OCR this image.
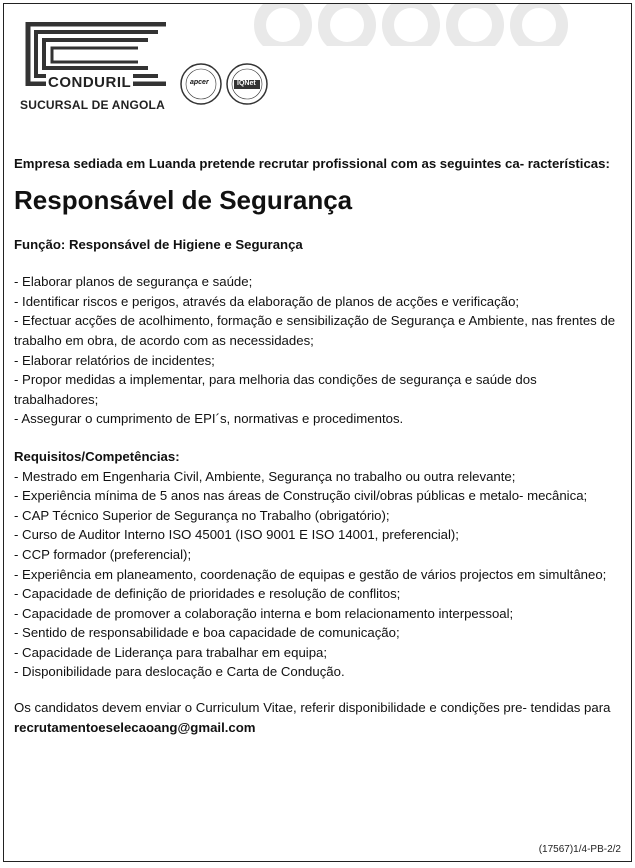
CONDURIL
SUCURSAL DE ANGOLA
apcer	IQNet

Empresa sediada em Luanda pretende recrutar profissional com as seguintes ca- racterísticas:

Responsável de Segurança

Função: Responsável de Higiene e Segurança

- Elaborar planos de segurança e saúde;
- Identificar riscos e perigos, através da elaboração de planos de acções e verificação;
- Efectuar acções de acolhimento, formação e sensibilização de Segurança e Ambiente, nas frentes de trabalho em obra, de acordo com as necessidades;
- Elaborar relatórios de incidentes;
- Propor medidas a implementar, para melhoria das condições de segurança e saúde dos trabalhadores;
- Assegurar o cumprimento de EPI´s, normativas e procedimentos.
Requisitos/Competências:
- Mestrado em Engenharia Civil, Ambiente, Segurança no trabalho ou outra relevante;
- Experiência mínima de 5 anos nas áreas de Construção civil/obras públicas e metalo- mecânica;
- CAP Técnico Superior de Segurança no Trabalho (obrigatório);
- Curso de Auditor Interno ISO 45001 (ISO 9001 E ISO 14001, preferencial);
- CCP formador (preferencial);
- Experiência em planeamento, coordenação de equipas e gestão de vários projectos em simultâneo;
- Capacidade de definição de prioridades e resolução de conflitos;
- Capacidade de promover a colaboração interna e bom relacionamento interpessoal;
- Sentido de responsabilidade e boa capacidade de comunicação;
- Capacidade de Liderança para trabalhar em equipa;
- Disponibilidade para deslocação e Carta de Condução.
Os candidatos devem enviar o Curriculum Vitae, referir disponibilidade e condições pre- tendidas para recrutamentoeselecaoang@gmail.com
(17567)1/4-PB-2/2
